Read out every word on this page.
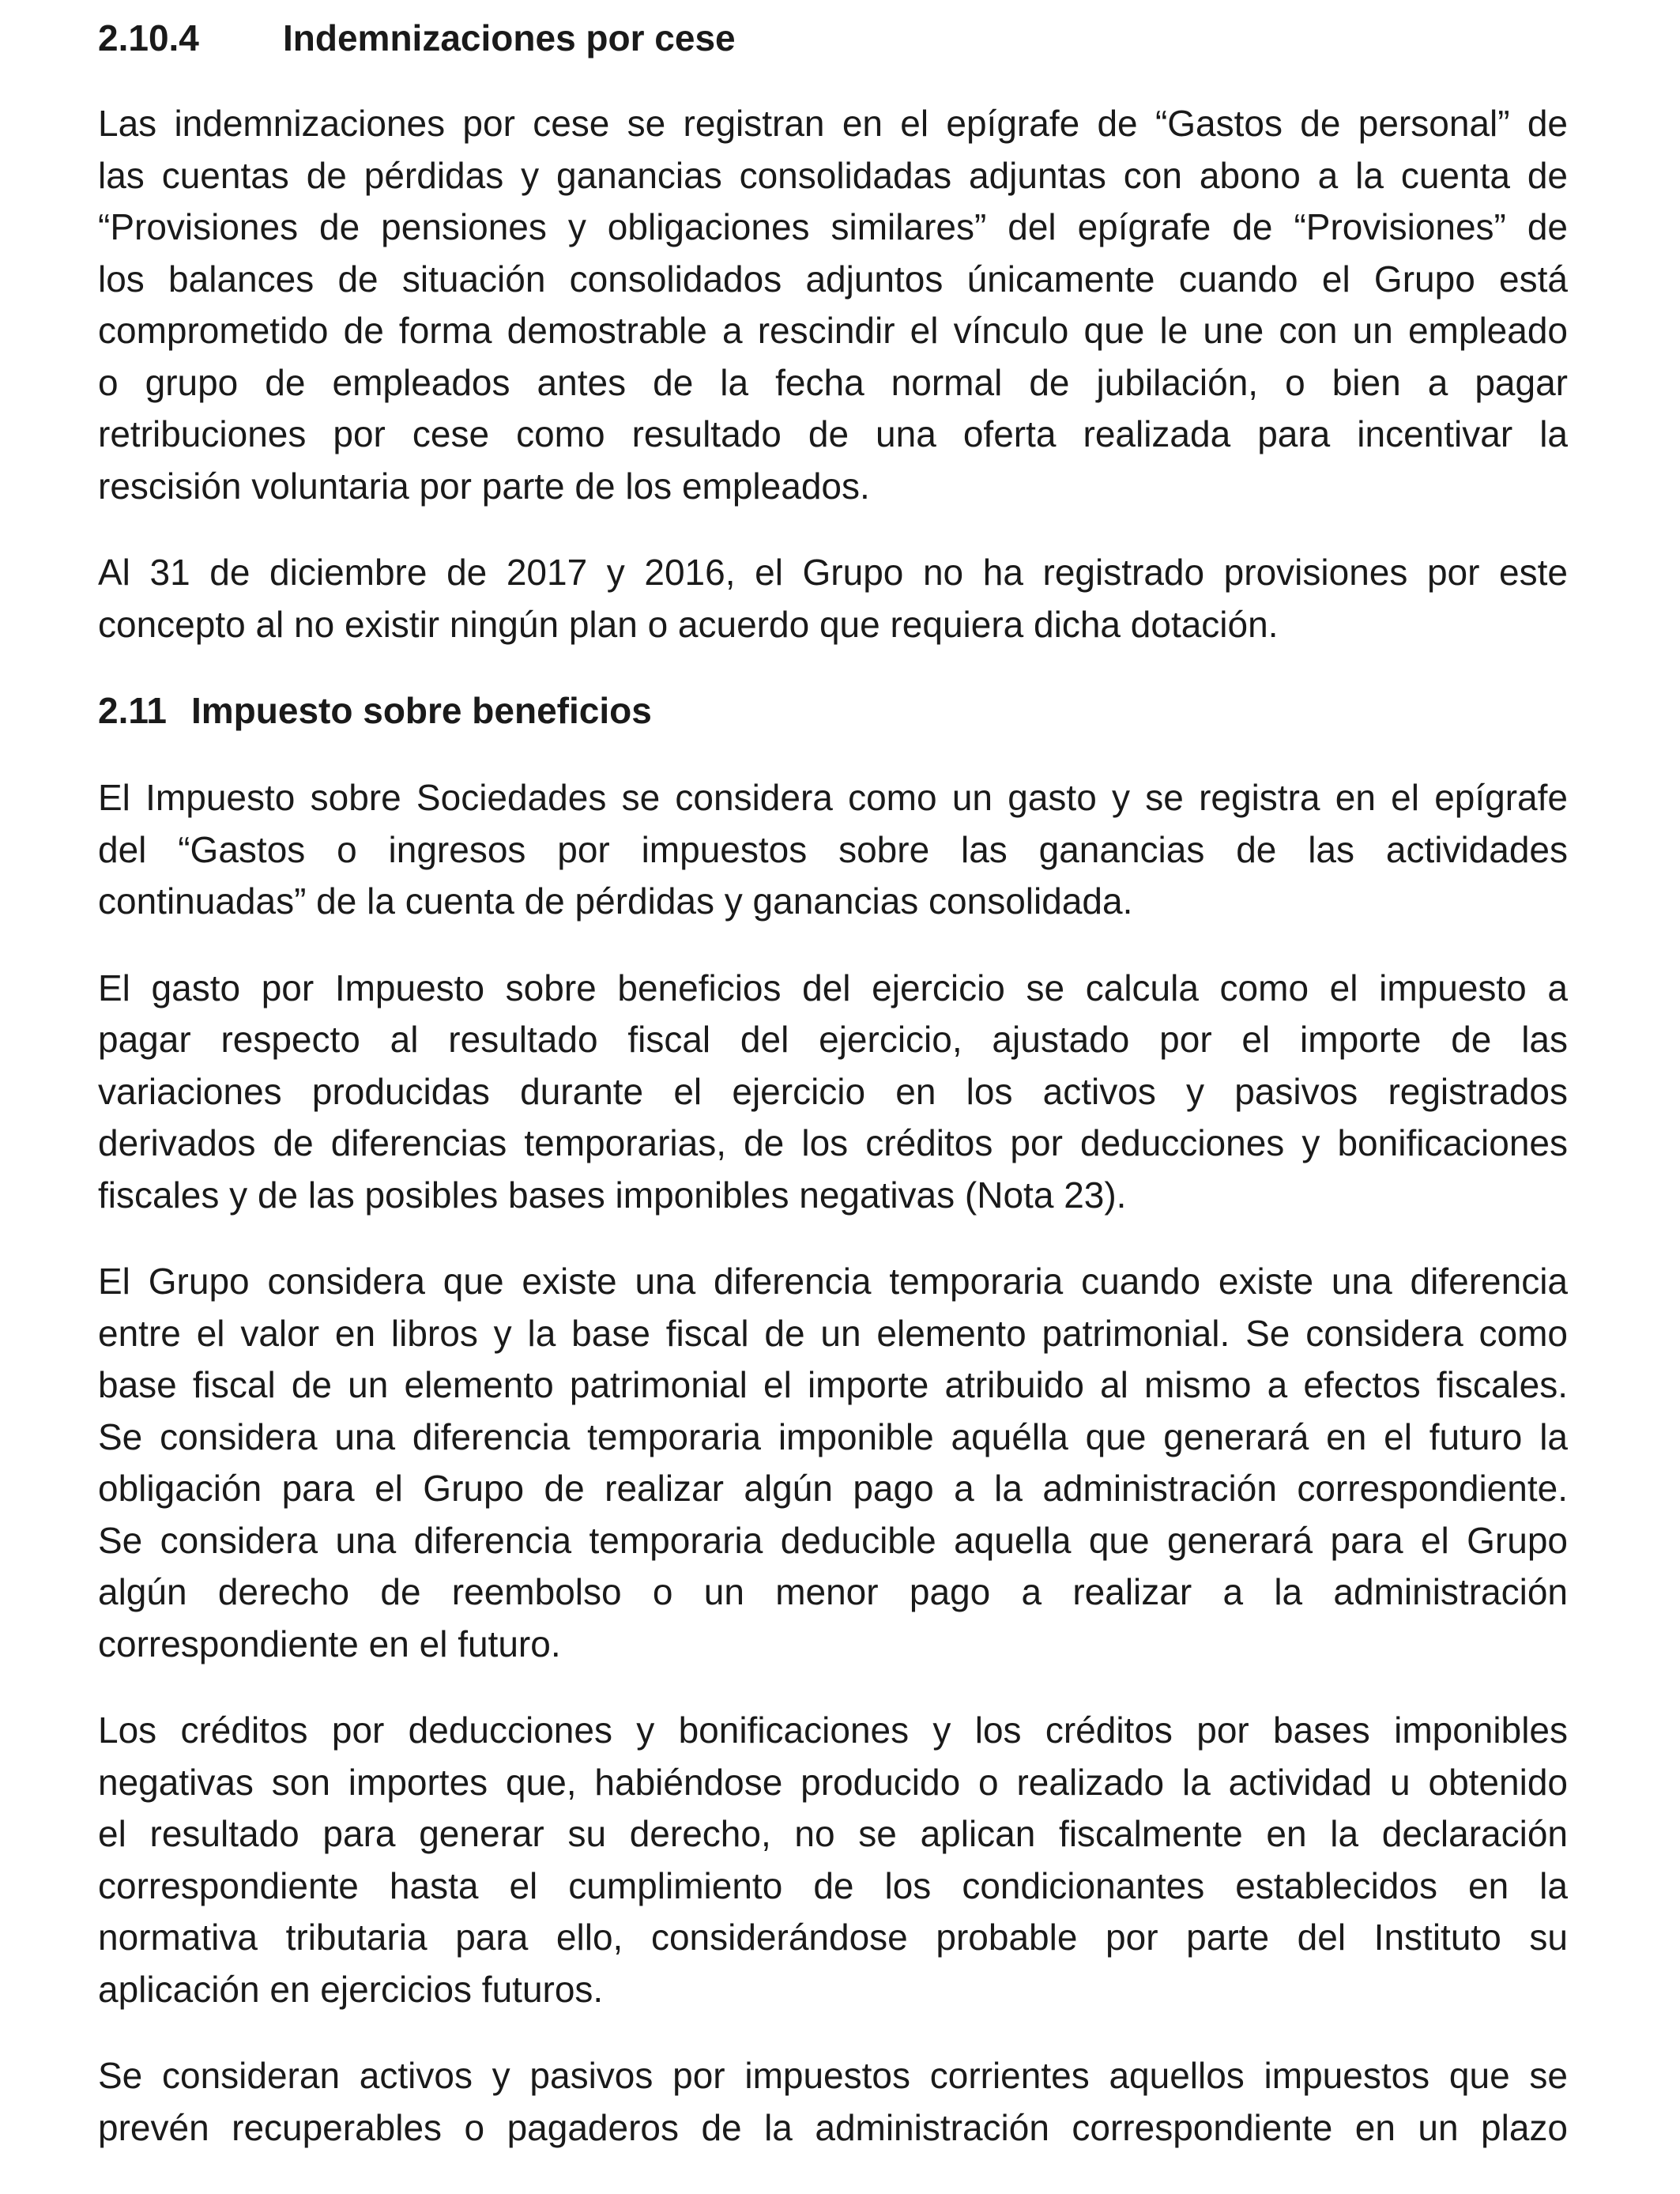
2.10.4 Indemnizaciones por cese
Las indemnizaciones por cese se registran en el epígrafe de “Gastos de personal” de
las cuentas de pérdidas y ganancias consolidadas adjuntas con abono a la cuenta de
“Provisiones de pensiones y obligaciones similares” del epígrafe de “Provisiones” de
los balances de situación consolidados adjuntos únicamente cuando el Grupo está
comprometido de forma demostrable a rescindir el vínculo que le une con un empleado
o grupo de empleados antes de la fecha normal de jubilación, o bien a pagar
retribuciones por cese como resultado de una oferta realizada para incentivar la
rescisión voluntaria por parte de los empleados.
Al 31 de diciembre de 2017 y 2016, el Grupo no ha registrado provisiones por este
concepto al no existir ningún plan o acuerdo que requiera dicha dotación.
2.11 Impuesto sobre beneficios
El Impuesto sobre Sociedades se considera como un gasto y se registra en el epígrafe
del “Gastos o ingresos por impuestos sobre las ganancias de las actividades
continuadas” de la cuenta de pérdidas y ganancias consolidada.
El gasto por Impuesto sobre beneficios del ejercicio se calcula como el impuesto a
pagar respecto al resultado fiscal del ejercicio, ajustado por el importe de las
variaciones producidas durante el ejercicio en los activos y pasivos registrados
derivados de diferencias temporarias, de los créditos por deducciones y bonificaciones
fiscales y de las posibles bases imponibles negativas (Nota 23).
El Grupo considera que existe una diferencia temporaria cuando existe una diferencia
entre el valor en libros y la base fiscal de un elemento patrimonial. Se considera como
base fiscal de un elemento patrimonial el importe atribuido al mismo a efectos fiscales.
Se considera una diferencia temporaria imponible aquélla que generará en el futuro la
obligación para el Grupo de realizar algún pago a la administración correspondiente.
Se considera una diferencia temporaria deducible aquella que generará para el Grupo
algún derecho de reembolso o un menor pago a realizar a la administración
correspondiente en el futuro.
Los créditos por deducciones y bonificaciones y los créditos por bases imponibles
negativas son importes que, habiéndose producido o realizado la actividad u obtenido
el resultado para generar su derecho, no se aplican fiscalmente en la declaración
correspondiente hasta el cumplimiento de los condicionantes establecidos en la
normativa tributaria para ello, considerándose probable por parte del Instituto su
aplicación en ejercicios futuros.
Se consideran activos y pasivos por impuestos corrientes aquellos impuestos que se
prevén recuperables o pagaderos de la administración correspondiente en un plazo
